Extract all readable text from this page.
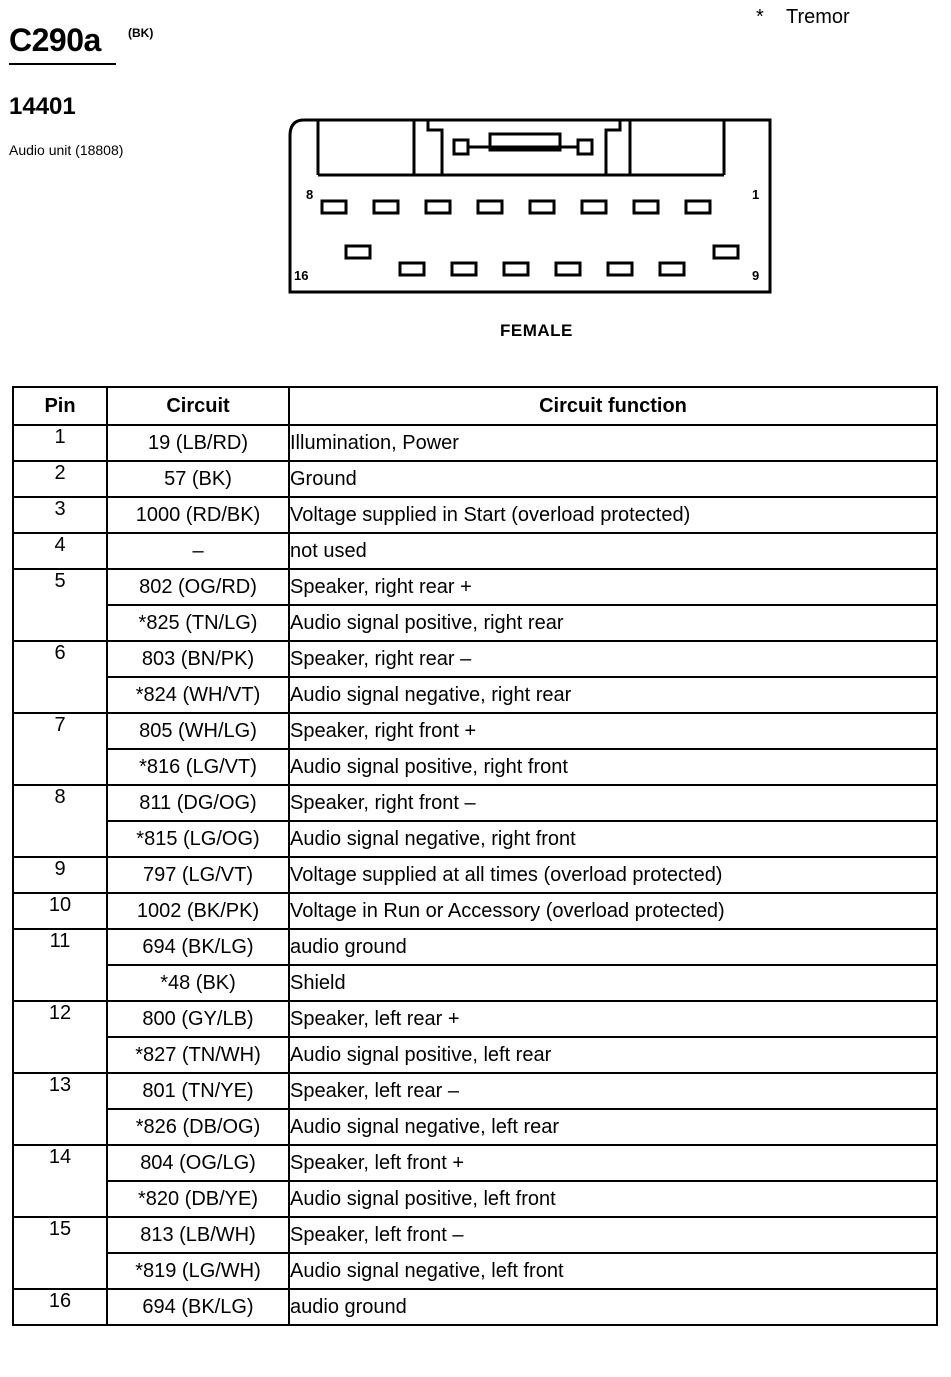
C290a (BK)
* Tremor
14401
Audio unit (18808)
8	1
16	9
FEMALE
Pin	Circuit	Circuit function
1	19 (LB/RD)	Illumination, Power
2	57 (BK)	Ground
3	1000 (RD/BK)	Voltage supplied in Start (overload protected)
4	–	not used
5	802 (OG/RD)	Speaker, right rear +
	*825 (TN/LG)	Audio signal positive, right rear
6	803 (BN/PK)	Speaker, right rear –
	*824 (WH/VT)	Audio signal negative, right rear
7	805 (WH/LG)	Speaker, right front +
	*816 (LG/VT)	Audio signal positive, right front
8	811 (DG/OG)	Speaker, right front –
	*815 (LG/OG)	Audio signal negative, right front
9	797 (LG/VT)	Voltage supplied at all times (overload protected)
10	1002 (BK/PK)	Voltage in Run or Accessory (overload protected)
11	694 (BK/LG)	audio ground
	*48 (BK)	Shield
12	800 (GY/LB)	Speaker, left rear +
	*827 (TN/WH)	Audio signal positive, left rear
13	801 (TN/YE)	Speaker, left rear –
	*826 (DB/OG)	Audio signal negative, left rear
14	804 (OG/LG)	Speaker, left front +
	*820 (DB/YE)	Audio signal positive, left front
15	813 (LB/WH)	Speaker, left front –
	*819 (LG/WH)	Audio signal negative, left front
16	694 (BK/LG)	audio ground
